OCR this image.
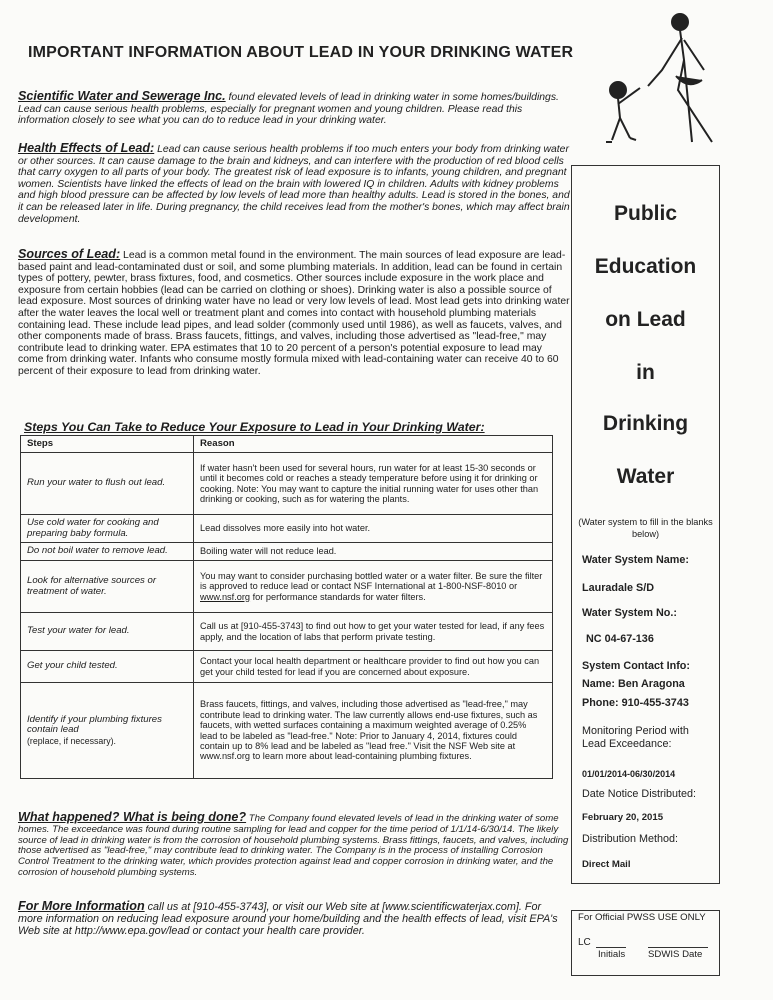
IMPORTANT INFORMATION ABOUT LEAD IN YOUR DRINKING WATER

Scientific Water and Sewerage Inc. found elevated levels of lead in drinking water in some homes/buildings. Lead can cause serious health problems, especially for pregnant women and young children. Please read this information closely to see what you can do to reduce lead in your drinking water.

Health Effects of Lead: Lead can cause serious health problems if too much enters your body from drinking water or other sources. It can cause damage to the brain and kidneys, and can interfere with the production of red blood cells that carry oxygen to all parts of your body. The greatest risk of lead exposure is to infants, young children, and pregnant women. Scientists have linked the effects of lead on the brain with lowered IQ in children. Adults with kidney problems and high blood pressure can be affected by low levels of lead more than healthy adults. Lead is stored in the bones, and it can be released later in life. During pregnancy, the child receives lead from the mother's bones, which may affect brain development.

Sources of Lead: Lead is a common metal found in the environment. The main sources of lead exposure are lead-based paint and lead-contaminated dust or soil, and some plumbing materials. In addition, lead can be found in certain types of pottery, pewter, brass fixtures, food, and cosmetics. Other sources include exposure in the work place and exposure from certain hobbies (lead can be carried on clothing or shoes). Drinking water is also a possible source of lead exposure. Most sources of drinking water have no lead or very low levels of lead. Most lead gets into drinking water after the water leaves the local well or treatment plant and comes into contact with household plumbing materials containing lead. These include lead pipes, and lead solder (commonly used until 1986), as well as faucets, valves, and other components made of brass. Brass faucets, fittings, and valves, including those advertised as "lead-free," may contribute lead to drinking water. EPA estimates that 10 to 20 percent of a person's potential exposure to lead may come from drinking water. Infants who consume mostly formula mixed with lead-containing water can receive 40 to 60 percent of their exposure to lead from drinking water.

Steps You Can Take to Reduce Your Exposure to Lead in Your Drinking Water:

Steps	Reason
Run your water to flush out lead.	If water hasn't been used for several hours, run water for at least 15-30 seconds or until it becomes cold or reaches a steady temperature before using it for drinking or cooking. Note: You may want to capture the initial running water for uses other than drinking or cooking, such as for watering the plants.
Use cold water for cooking and preparing baby formula.	Lead dissolves more easily into hot water.
Do not boil water to remove lead.	Boiling water will not reduce lead.
Look for alternative sources or treatment of water.	You may want to consider purchasing bottled water or a water filter. Be sure the filter is approved to reduce lead or contact NSF International at 1-800-NSF-8010 or www.nsf.org for performance standards for water filters.
Test your water for lead.	Call us at [910-455-3743] to find out how to get your water tested for lead, if any fees apply, and the location of labs that perform private testing.
Get your child tested.	Contact your local health department or healthcare provider to find out how you can get your child tested for lead if you are concerned about exposure.
Identify if your plumbing fixtures contain lead
(replace, if necessary).	Brass faucets, fittings, and valves, including those advertised as "lead-free," may contribute lead to drinking water. The law currently allows end-use fixtures, such as faucets, with wetted surfaces containing a maximum weighted average of 0.25% lead to be labeled as "lead-free." Note: Prior to January 4, 2014, fixtures could contain up to 8% lead and be labeled as "lead free." Visit the NSF Web site at www.nsf.org to learn more about lead-containing plumbing fixtures.

What happened? What is being done? The Company found elevated levels of lead in the drinking water of some homes. The exceedance was found during routine sampling for lead and copper for the time period of 1/1/14-6/30/14. The likely source of lead in drinking water is from the corrosion of household plumbing systems. Brass fittings, faucets, and valves, including those advertised as "lead-free," may contribute lead to drinking water. The Company is in the process of installing Corrosion Control Treatment to the drinking water, which provides protection against lead and copper corrosion in drinking water, and the corrosion of household plumbing systems.

For More Information call us at [910-455-3743], or visit our Web site at [www.scientificwaterjax.com]. For more information on reducing lead exposure around your home/building and the health effects of lead, visit EPA's Web site at http://www.epa.gov/lead or contact your health care provider.

Public
Education
on Lead
in
Drinking
Water
(Water system to fill in the blanks below)
Water System Name:
Lauradale S/D
Water System No.:
NC 04-67-136
System Contact Info:
Name: Ben Aragona
Phone: 910-455-3743
Monitoring Period with Lead Exceedance:
01/01/2014-06/30/2014
Date Notice Distributed:
February 20, 2015
Distribution Method:
Direct Mail
For Official PWSS USE ONLY
LC
Initials SDWIS Date
